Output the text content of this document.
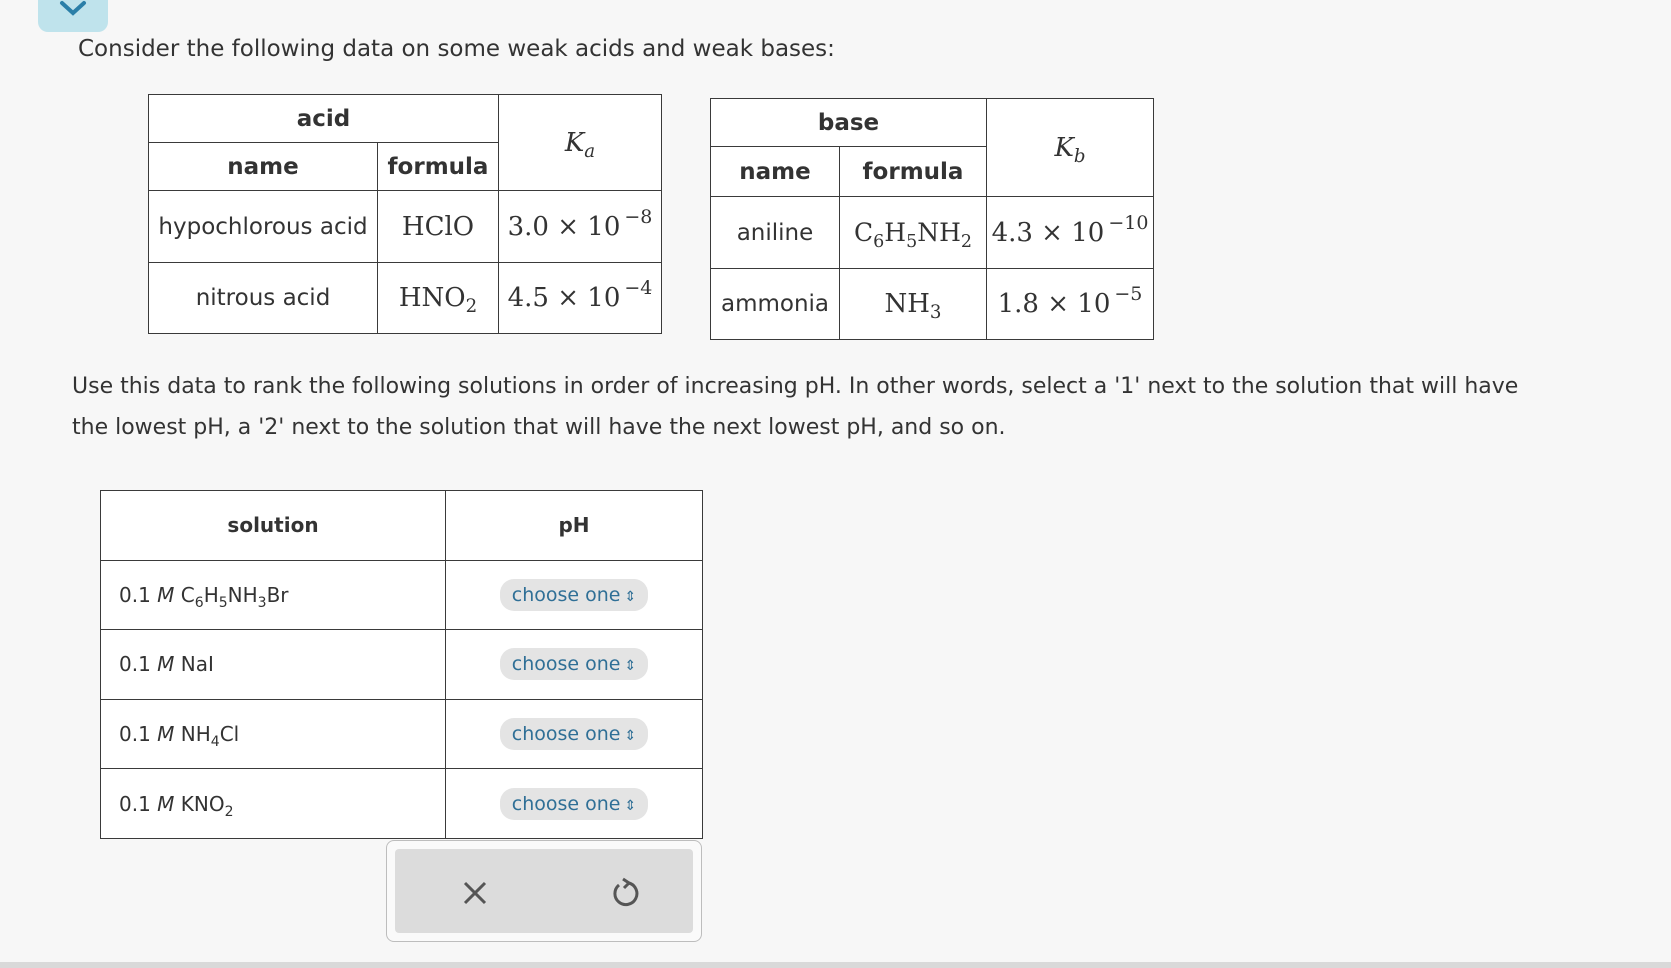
Consider the following data on some weak acids and weak bases:
acid		$K_a$
name	formula	
hypochlorous acid	HClO	3.0 × 10 $^{-8}$
nitrous acid	$HNO_2$	4.5 × 10 $^{-4}$
base		$K_b$
name	formula	
aniline	$C_6H_5NH_2$	4.3 × 10 $^{-10}$
ammonia	$NH_3$	1.8 × 10 $^{-5}$
Use this data to rank the following solutions in order of increasing pH. In other words, select a '1' next to the solution that will have
the lowest pH, a '2' next to the solution that will have the next lowest pH, and so on.
solution	pH
0.1 M $C_6H_5NH_3Br$	choose one ⇕
0.1 M NaI	choose one ⇕
0.1 M $NH_4Cl$	choose one ⇕
0.1 M $KNO_2$	choose one ⇕
